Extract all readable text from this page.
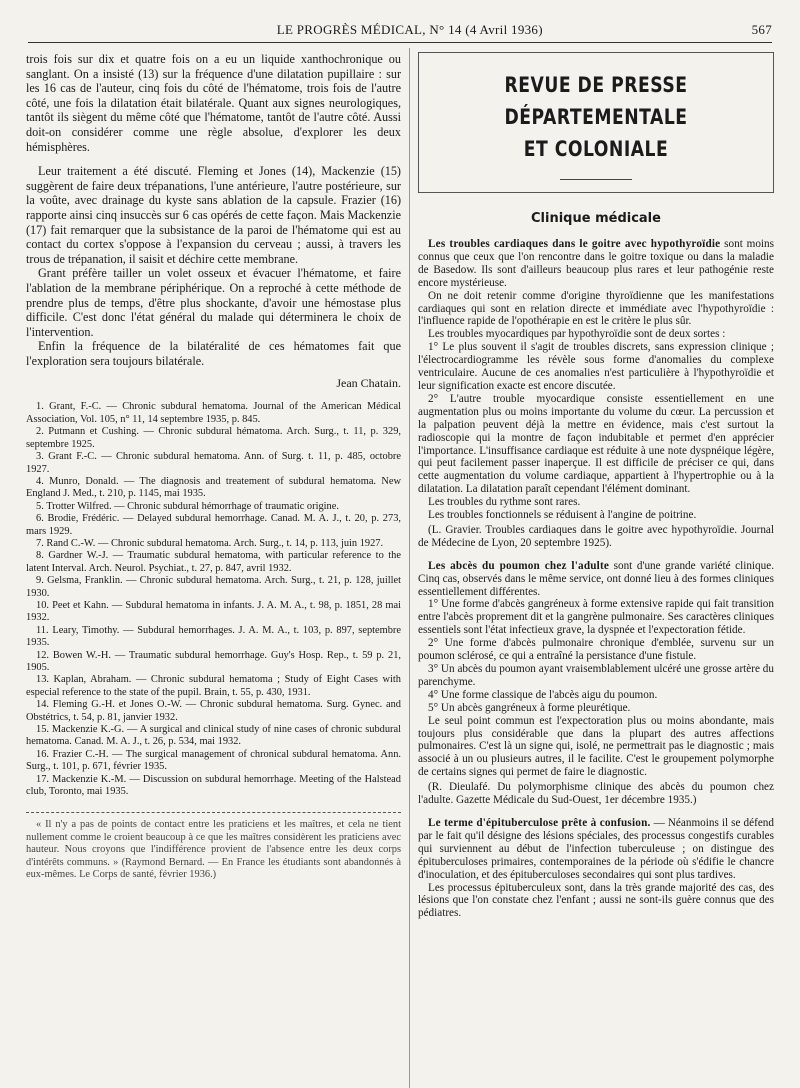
LE PROGRÈS MÉDICAL, N° 14 (4 Avril 1936)	567

trois fois sur dix et quatre fois on a eu un liquide xanthochronique ou sanglant. On a insisté (13) sur la fréquence d'une dilatation pupillaire : sur les 16 cas de l'auteur, cinq fois du côté de l'hématome, trois fois de l'autre côté, une fois la dilatation était bilatérale. Quant aux signes neurologiques, tantôt ils siègent du même côté que l'hématome, tantôt de l'autre côté. Aussi doit-on considérer comme une règle absolue, d'explorer les deux hémisphères.

Leur traitement a été discuté. Fleming et Jones (14), Mackenzie (15) suggèrent de faire deux trépanations, l'une antérieure, l'autre postérieure, sur la voûte, avec drainage du kyste sans ablation de la capsule. Frazier (16) rapporte ainsi cinq insuccès sur 6 cas opérés de cette façon. Mais Mackenzie (17) fait remarquer que la subsistance de la paroi de l'hématome qui est au contact du cortex s'oppose à l'expansion du cerveau ; aussi, à travers les trous de trépanation, il saisit et déchire cette membrane.

Grant préfère tailler un volet osseux et évacuer l'hématome, et faire l'ablation de la membrane périphérique. On a reproché à cette méthode de prendre plus de temps, d'être plus shockante, d'avoir une hémostase plus difficile. C'est donc l'état général du malade qui déterminera le choix de l'intervention.

Enfin la fréquence de la bilatéralité de ces hématomes fait que l'exploration sera toujours bilatérale.

Jean Chatain.

1. Grant, F.-C. — Chronic subdural hematoma. Journal of the American Médical Association, Vol. 105, n° 11, 14 septembre 1935, p. 845.

2. Putmann et Cushing. — Chronic subdural hématoma. Arch. Surg., t. 11, p. 329, septembre 1925.

3. Grant F.-C. — Chronic subdural hematoma. Ann. of Surg. t. 11, p. 485, octobre 1927.

4. Munro, Donald. — The diagnosis and treatement of subdural hematoma. New England J. Med., t. 210, p. 1145, mai 1935.

5. Trotter Wilfred. — Chronic subdural hémorrhage of traumatic origine.

6. Brodie, Frédéric. — Delayed subdural hemorrhage. Canad. M. A. J., t. 20, p. 273, mars 1929.

7. Rand C.-W. — Chronic subdural hematoma. Arch. Surg., t. 14, p. 113, juin 1927.

8. Gardner W.-J. — Traumatic subdural hematoma, with particular reference to the latent Interval. Arch. Neurol. Psychiat., t. 27, p. 847, avril 1932.

9. Gelsma, Franklin. — Chronic subdural hematoma. Arch. Surg., t. 21, p. 128, juillet 1930.

10. Peet et Kahn. — Subdural hematoma in infants. J. A. M. A., t. 98, p. 1851, 28 mai 1932.

11. Leary, Timothy. — Subdural hemorrhages. J. A. M. A., t. 103, p. 897, septembre 1935.

12. Bowen W.-H. — Traumatic subdural hemorrhage. Guy's Hosp. Rep., t. 59 p. 21, 1905.

13. Kaplan, Abraham. — Chronic subdural hematoma ; Study of Eight Cases with especial reference to the state of the pupil. Brain, t. 55, p. 430, 1931.

14. Fleming G.-H. et Jones O.-W. — Chronic subdural hematoma. Surg. Gynec. and Obstétrics, t. 54, p. 81, janvier 1932.

15. Mackenzie K.-G. — A surgical and clinical study of nine cases of chronic subdural hematoma. Canad. M. A. J., t. 26, p. 534, mai 1932.

16. Frazier C.-H. — The surgical management of chronical subdural hematoma. Ann. Surg., t. 101, p. 671, février 1935.

17. Mackenzie K.-M. — Discussion on subdural hemorrhage. Meeting of the Halstead club, Toronto, mai 1935.

« Il n'y a pas de points de contact entre les praticiens et les maîtres, et cela ne tient nullement comme le croient beaucoup à ce que les maîtres considèrent les praticiens avec hauteur. Nous croyons que l'indifférence provient de l'absence entre les deux corps d'intérêts communs. » (Raymond Bernard. — En France les étudiants sont abandonnés à eux-mêmes. Le Corps de santé, février 1936.)

REVUE DE PRESSE DÉPARTEMENTALE
ET COLONIALE
Clinique médicale

Les troubles cardiaques dans le goitre avec hypothyroïdie sont moins connus que ceux que l'on rencontre dans le goitre toxique ou dans la maladie de Basedow. Ils sont d'ailleurs beaucoup plus rares et leur pathogénie reste encore mystérieuse.

On ne doit retenir comme d'origine thyroïdienne que les manifestations cardiaques qui sont en relation directe et immédiate avec l'hypothyroïdie : l'influence rapide de l'opothérapie en est le critère le plus sûr.

Les troubles myocardiques par hypothyroïdie sont de deux sortes :

1° Le plus souvent il s'agit de troubles discrets, sans expression clinique ; l'électrocardiogramme les révèle sous forme d'anomalies du complexe ventriculaire. Aucune de ces anomalies n'est particulière à l'hypothyroïdie et leur signification exacte est encore discutée.

2° L'autre trouble myocardique consiste essentiellement en une augmentation plus ou moins importante du volume du cœur. La percussion et la palpation peuvent déjà la mettre en évidence, mais c'est surtout la radioscopie qui la montre de façon indubitable et permet d'en apprécier l'importance. L'insuffisance cardiaque est réduite à une note dyspnéique légère, qui peut facilement passer inaperçue. Il est difficile de préciser ce qui, dans cette augmentation du volume cardiaque, appartient à l'hypertrophie ou à la dilatation. La dilatation paraît cependant l'élément dominant.

Les troubles du rythme sont rares.

Les troubles fonctionnels se réduisent à l'angine de poitrine.

(L. Gravier. Troubles cardiaques dans le goitre avec hypothyroïdie. Journal de Médecine de Lyon, 20 septembre 1925).

Les abcès du poumon chez l'adulte sont d'une grande variété clinique. Cinq cas, observés dans le même service, ont donné lieu à des formes cliniques essentiellement différentes.

1° Une forme d'abcès gangréneux à forme extensive rapide qui fait transition entre l'abcès proprement dit et la gangrène pulmonaire. Ses caractères cliniques essentiels sont l'état infectieux grave, la dyspnée et l'expectoration fétide.

2° Une forme d'abcès pulmonaire chronique d'emblée, survenu sur un poumon sclérosé, ce qui a entraîné la persistance d'une fistule.

3° Un abcès du poumon ayant vraisemblablement ulcéré une grosse artère du parenchyme.

4° Une forme classique de l'abcès aigu du poumon.

5° Un abcès gangréneux à forme pleurétique.

Le seul point commun est l'expectoration plus ou moins abondante, mais toujours plus considérable que dans la plupart des autres affections pulmonaires. C'est là un signe qui, isolé, ne permettrait pas le diagnostic ; mais associé à un ou plusieurs autres, il le facilite. C'est le groupement polymorphe de certains signes qui permet de faire le diagnostic.

(R. Dieulafé. Du polymorphisme clinique des abcès du poumon chez l'adulte. Gazette Médicale du Sud-Ouest, 1er décembre 1935.)

Le terme d'épituberculose prête à confusion. — Néanmoins il se défend par le fait qu'il désigne des lésions spéciales, des processus congestifs curables qui surviennent au début de l'infection tuberculeuse ; on distingue des épituberculoses primaires, contemporaines de la période où s'édifie le chancre d'inoculation, et des épituberculoses secondaires qui sont plus tardives.

Les processus épituberculeux sont, dans la très grande majorité des cas, des lésions que l'on constate chez l'enfant ; aussi ne sont-ils guère connus que des pédiatres.
